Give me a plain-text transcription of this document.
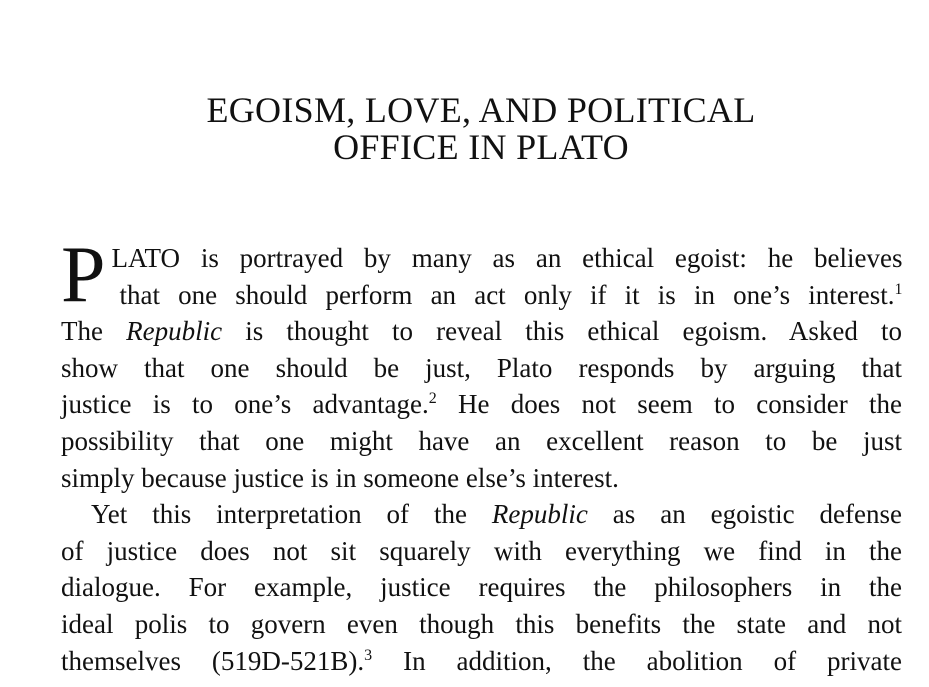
EGOISM, LOVE, AND POLITICAL
OFFICE IN PLATO
P LATO is portrayed by many as an ethical egoist: he believes
that one should perform an act only if it is in one’s interest.$^1$
The Republic is thought to reveal this ethical egoism. Asked to
show that one should be just, Plato responds by arguing that
justice is to one’s advantage.$^2$ He does not seem to consider the
possibility that one might have an excellent reason to be just
simply because justice is in someone else’s interest.
Yet this interpretation of the Republic as an egoistic defense
of justice does not sit squarely with everything we find in the
dialogue. For example, justice requires the philosophers in the
ideal polis to govern even though this benefits the state and not
themselves (519D-521B).$^3$ In addition, the abolition of private
